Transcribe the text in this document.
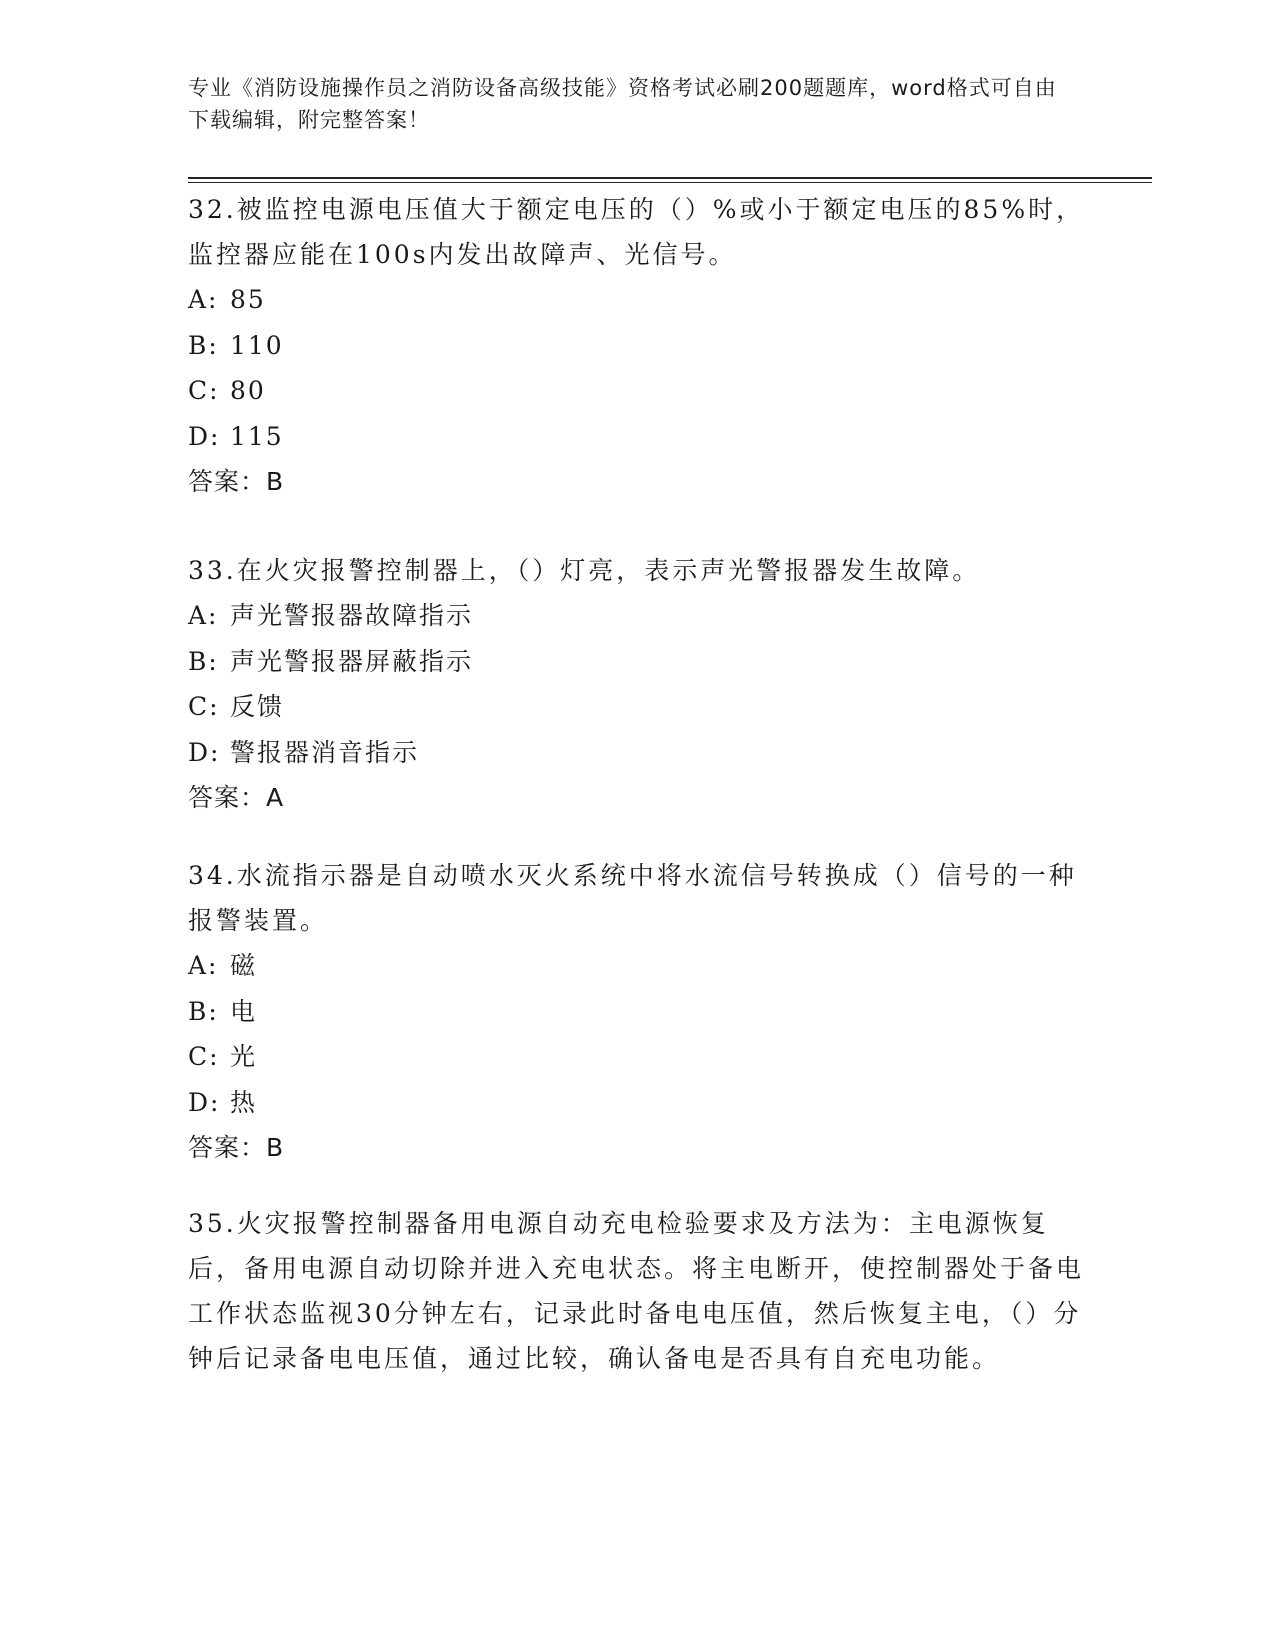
专业《消防设施操作员之消防设备高级技能》资格考试必刷200题题库，word格式可自由下载编辑，附完整答案！

32.被监控电源电压值大于额定电压的（）%或小于额定电压的85%时，监控器应能在100s内发出故障声、光信号。

A: 85

B: 110

C: 80

D: 115

答案：B

33.在火灾报警控制器上，（）灯亮，表示声光警报器发生故障。

A: 声光警报器故障指示

B: 声光警报器屏蔽指示

C: 反馈

D: 警报器消音指示

答案：A

34.水流指示器是自动喷水灭火系统中将水流信号转换成（）信号的一种报警装置。

A: 磁

B: 电

C: 光

D: 热

答案：B

35.火灾报警控制器备用电源自动充电检验要求及方法为：主电源恢复后，备用电源自动切除并进入充电状态。将主电断开，使控制器处于备电工作状态监视30分钟左右，记录此时备电电压值，然后恢复主电，（）分钟后记录备电电压值，通过比较，确认备电是否具有自充电功能。
